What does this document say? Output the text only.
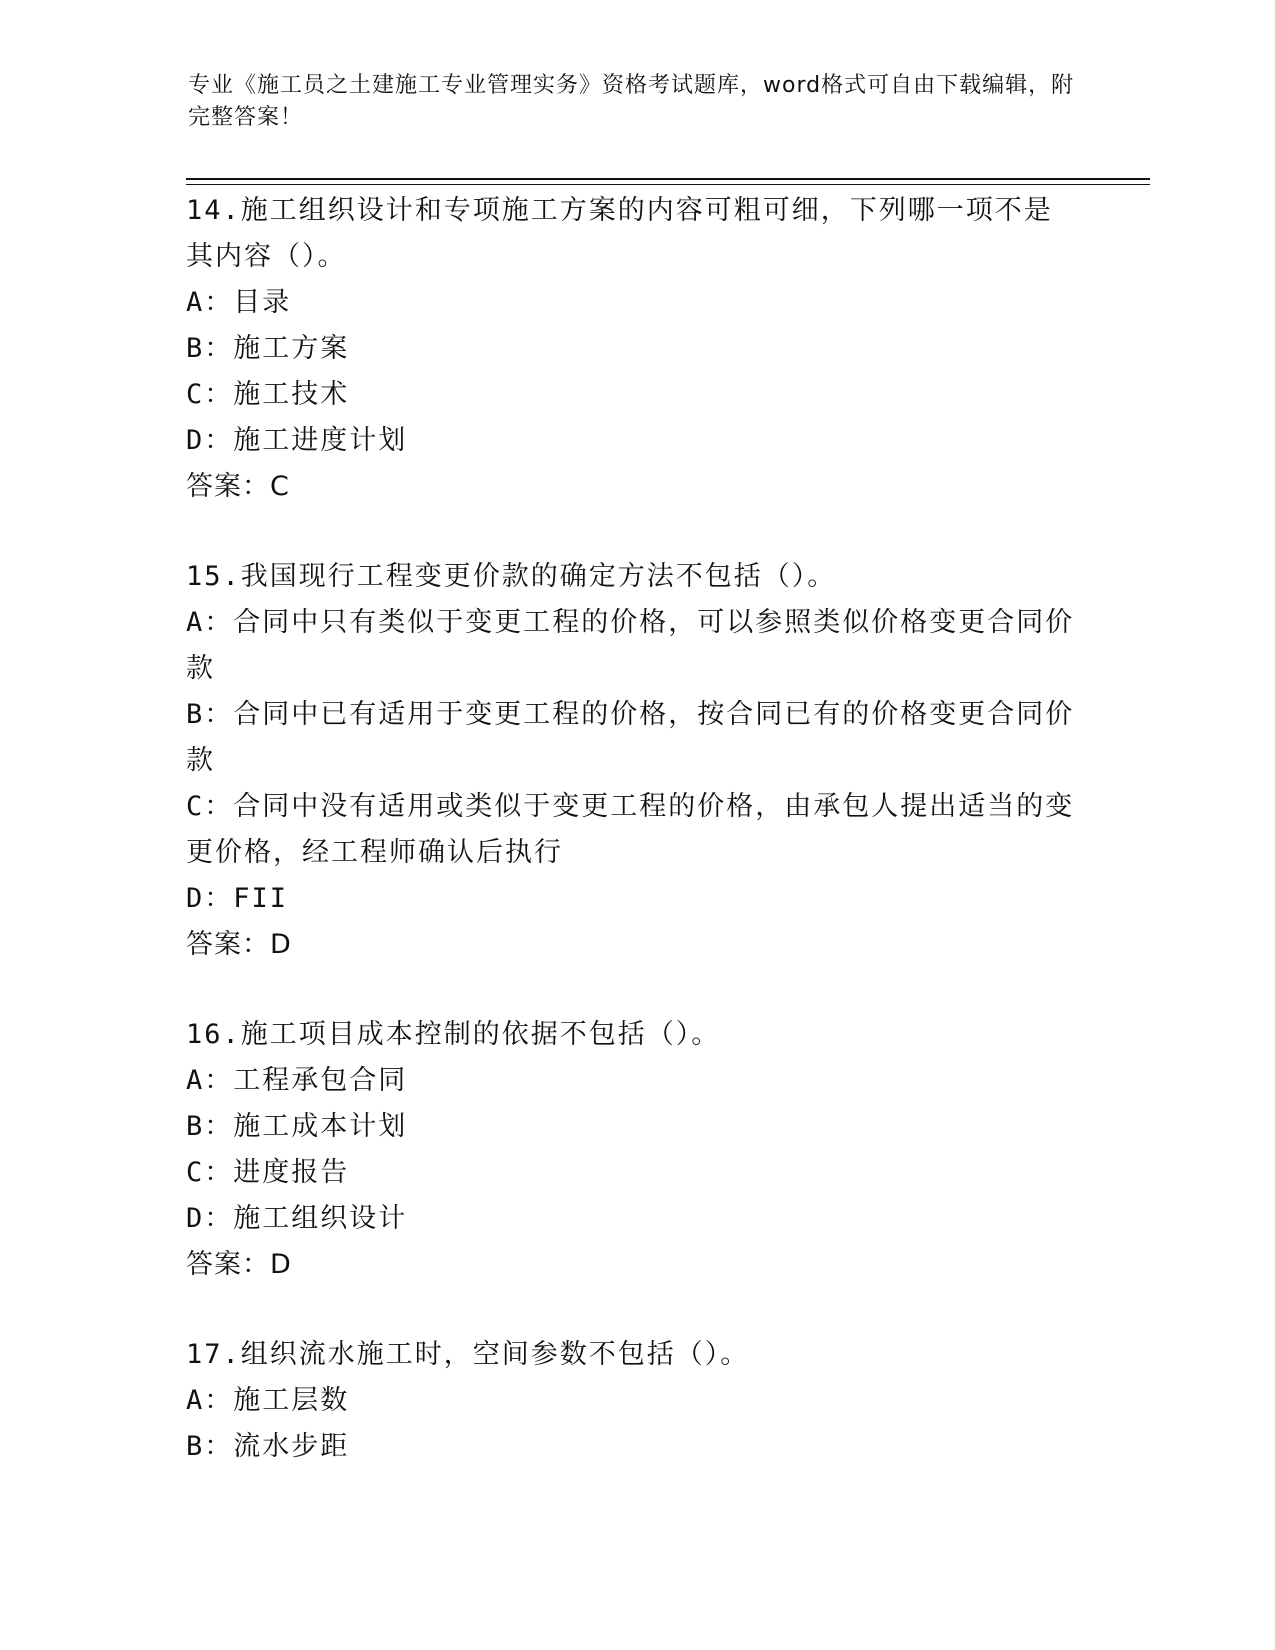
专业《施工员之土建施工专业管理实务》资格考试题库，word格式可自由下载编辑，附完整答案！
14.施工组织设计和专项施工方案的内容可粗可细，下列哪一项不是其内容（）。
A：目录
B：施工方案
C：施工技术
D：施工进度计划
答案：C
15.我国现行工程变更价款的确定方法不包括（）。
A：合同中只有类似于变更工程的价格，可以参照类似价格变更合同价款
B：合同中已有适用于变更工程的价格，按合同已有的价格变更合同价款
C：合同中没有适用或类似于变更工程的价格，由承包人提出适当的变更价格，经工程师确认后执行
D：FII
答案：D
16.施工项目成本控制的依据不包括（）。
A：工程承包合同
B：施工成本计划
C：进度报告
D：施工组织设计
答案：D
17.组织流水施工时，空间参数不包括（）。
A：施工层数
B：流水步距
